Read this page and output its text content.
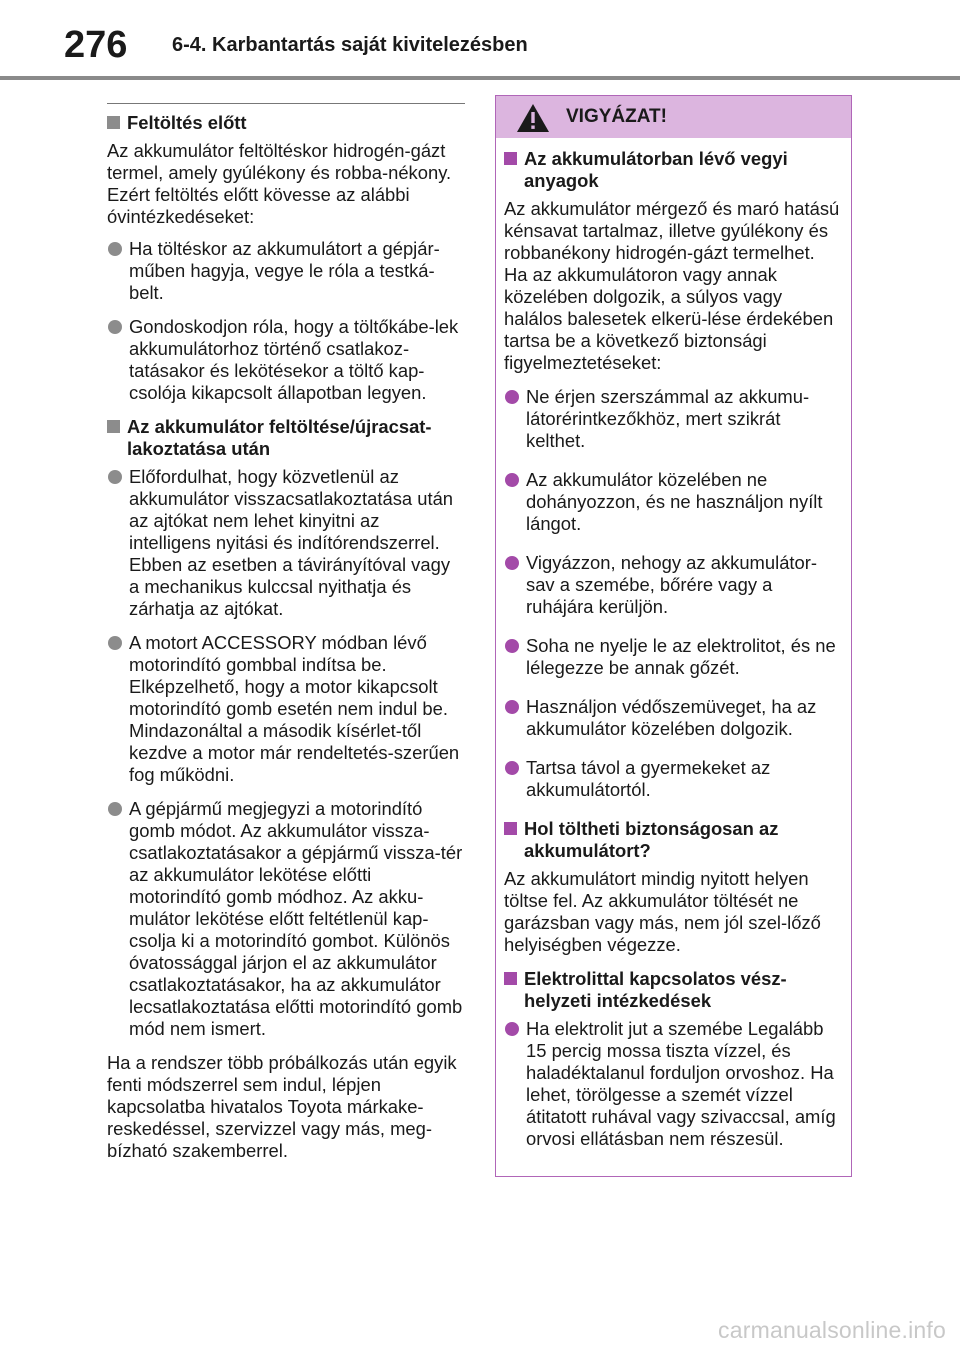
276 6-4. Karbantartás saját kivitelezésben
Feltöltés előtt

Az akkumulátor feltöltéskor hidrogén-gázt termel, amely gyúlékony és robba-nékony. Ezért feltöltés előtt kövesse az alábbi óvintézkedéseket:

Ha töltéskor az akkumulátort a gépjár-műben hagyja, vegye le róla a testká-belt.
Gondoskodjon róla, hogy a töltőkábe-lek akkumulátorhoz történő csatlakoz-tatásakor és lekötésekor a töltő kap-csolója kikapcsolt állapotban legyen.
Az akkumulátor feltöltése/újracsat-lakoztatása után
Előfordulhat, hogy közvetlenül az akkumulátor visszacsatlakoztatása után az ajtókat nem lehet kinyitni az intelligens nyitási és indítórendszerrel. Ebben az esetben a távirányítóval vagy a mechanikus kulccsal nyithatja és zárhatja az ajtókat.
A motort ACCESSORY módban lévő motorindító gombbal indítsa be. Elképzelhető, hogy a motor kikapcsolt motorindító gomb esetén nem indul be. Mindazonáltal a második kísérlet-től kezdve a motor már rendeltetés-szerűen fog működni.
A gépjármű megjegyzi a motorindító gomb módot. Az akkumulátor vissza-csatlakoztatásakor a gépjármű vissza-tér az akkumulátor lekötése előtti motorindító gomb módhoz. Az akku-mulátor lekötése előtt feltétlenül kap-csolja ki a motorindító gombot. Különös óvatossággal járjon el az akkumulátor csatlakoztatásakor, ha az akkumulátor lecsatlakoztatása előtti motorindító gomb mód nem ismert.

Ha a rendszer több próbálkozás után egyik fenti módszerrel sem indul, lépjen kapcsolatba hivatalos Toyota márkake-reskedéssel, szervizzel vagy más, meg-bízható szakemberrel.

VIGYÁZAT!
Az akkumulátorban lévő vegyi anyagok

Az akkumulátor mérgező és maró hatású kénsavat tartalmaz, illetve gyúlékony és robbanékony hidrogén-gázt termelhet. Ha az akkumulátoron vagy annak közelében dolgozik, a súlyos vagy halálos balesetek elkerü-lése érdekében tartsa be a következő biztonsági figyelmeztetéseket:

Ne érjen szerszámmal az akkumu-látorérintkezőkhöz, mert szikrát kelthet.
Az akkumulátor közelében ne dohányozzon, és ne használjon nyílt lángot.
Vigyázzon, nehogy az akkumulátor-sav a szemébe, bőrére vagy a ruhájára kerüljön.
Soha ne nyelje le az elektrolitot, és ne lélegezze be annak gőzét.
Használjon védőszemüveget, ha az akkumulátor közelében dolgozik.
Tartsa távol a gyermekeket az akkumulátortól.
Hol töltheti biztonságosan az akkumulátort?

Az akkumulátort mindig nyitott helyen töltse fel. Az akkumulátor töltését ne garázsban vagy más, nem jól szel-lőző helyiségben végezze.

Elektrolittal kapcsolatos vész-helyzeti intézkedések
Ha elektrolit jut a szemébe Legalább 15 percig mossa tiszta vízzel, és haladéktalanul forduljon orvoshoz. Ha lehet, törölgesse a szemét vízzel átitatott ruhával vagy szivaccsal, amíg orvosi ellátásban nem részesül.
carmanualsonline.info
